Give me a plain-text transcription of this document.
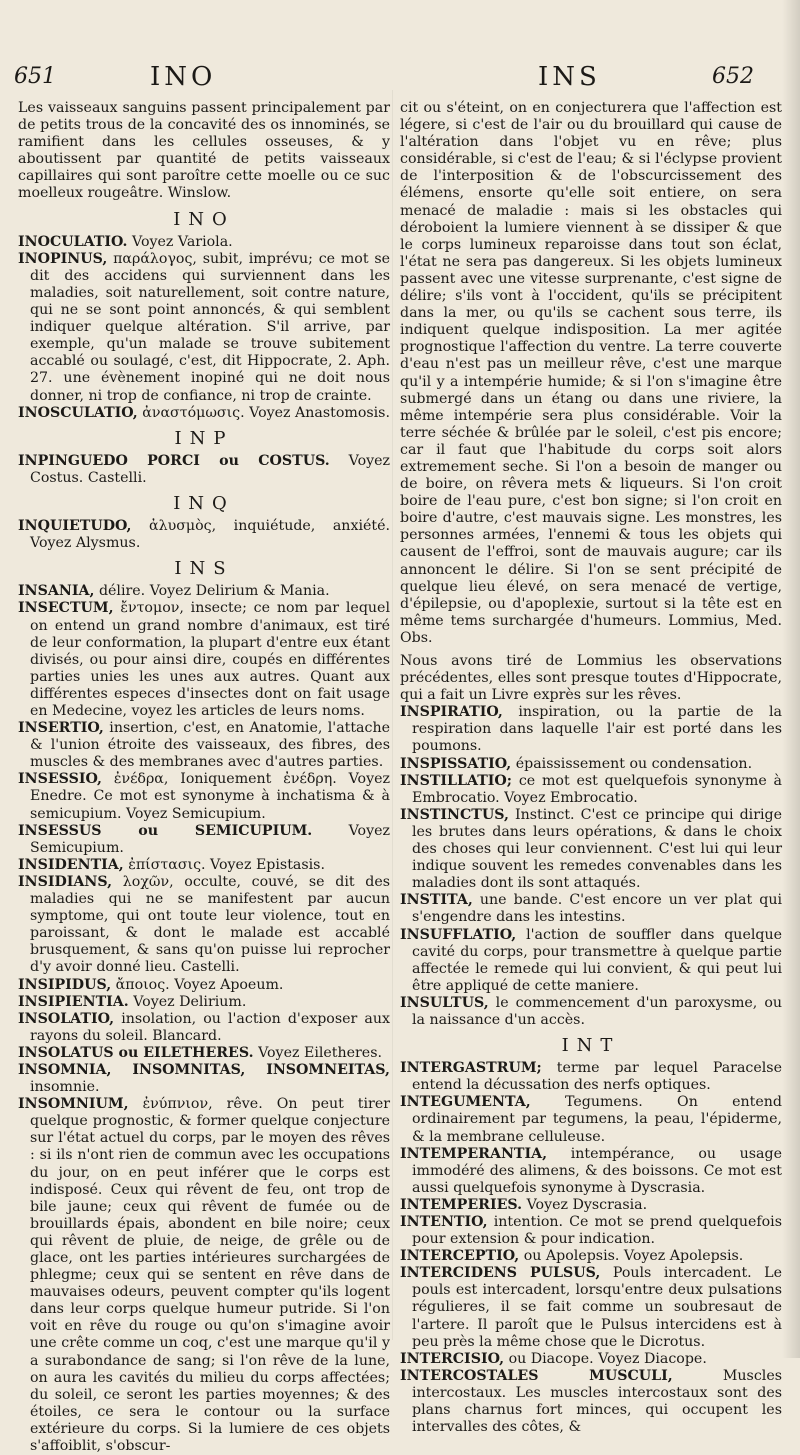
651	INO	INS	652

Les vaisseaux sanguins passent principalement par de petits trous de la concavité des os innominés, se ramifient dans les cellules osseuses, & y aboutissent par quantité de petits vaisseaux capillaires qui sont paroître cette moelle ou ce suc moelleux rougeâtre. Winslow.

INO

INOCULATIO. Voyez Variola.

INOPINUS, παράλογος, subit, imprévu; ce mot se dit des accidens qui surviennent dans les maladies, soit naturellement, soit contre nature, qui ne se sont point annoncés, & qui semblent indiquer quelque altération. S'il arrive, par exemple, qu'un malade se trouve subitement accablé ou soulagé, c'est, dit Hippocrate, 2. Aph. 27. une évènement inopiné qui ne doit nous donner, ni trop de confiance, ni trop de crainte.

INOSCULATIO, ἀναστόμωσις. Voyez Anastomosis.

INP

INPINGUEDO PORCI ou COSTUS. Voyez Costus. Castelli.

INQ

INQUIETUDO, ἀλυσμὸς, inquiétude, anxiété. Voyez Alysmus.

INS

INSANIA, délire. Voyez Delirium & Mania.

INSECTUM, ἔντομον, insecte; ce nom par lequel on entend un grand nombre d'animaux, est tiré de leur conformation, la plupart d'entre eux étant divisés, ou pour ainsi dire, coupés en différentes parties unies les unes aux autres. Quant aux différentes especes d'insectes dont on fait usage en Medecine, voyez les articles de leurs noms.

INSERTIO, insertion, c'est, en Anatomie, l'attache & l'union étroite des vaisseaux, des fibres, des muscles & des membranes avec d'autres parties.

INSESSIO, ἐνέδρα, Ioniquement ἐνέδρη. Voyez Enedre. Ce mot est synonyme à inchatisma & à semicupium. Voyez Semicupium.

INSESSUS ou SEMICUPIUM.	Voyez Semicupium.

INSIDENTIA, ἐπίστασις. Voyez Epistasis.

INSIDIANS, λοχῶν, occulte, couvé, se dit des maladies qui ne se manifestent par aucun symptome, qui ont toute leur violence, tout en paroissant, & dont le malade est accablé brusquement, & sans qu'on puisse lui reprocher d'y avoir donné lieu. Castelli.

INSIPIDUS, ἄποιος. Voyez Apoeum.

INSIPIENTIA. Voyez Delirium.

INSOLATIO, insolation, ou l'action d'exposer aux rayons du soleil. Blancard.

INSOLATUS ou EILETHERES. Voyez Eiletheres.

INSOMNIA, INSOMNITAS, INSOMNEITAS, insomnie.

INSOMNIUM, ἐνύπνιον, rêve. On peut tirer quelque prognostic, & former quelque conjecture sur l'état actuel du corps, par le moyen des rêves : si ils n'ont rien de commun avec les occupations du jour, on en peut inférer que le corps est indisposé. Ceux qui rêvent de feu, ont trop de bile jaune; ceux qui rêvent de fumée ou de brouillards épais, abondent en bile noire; ceux qui rêvent de pluie, de neige, de grêle ou de glace, ont les parties intérieures surchargées de phlegme; ceux qui se sentent en rêve dans de mauvaises odeurs, peuvent compter qu'ils logent dans leur corps quelque humeur putride. Si l'on voit en rêve du rouge ou qu'on s'imagine avoir une crête comme un coq, c'est une marque qu'il y a surabondance de sang; si l'on rêve de la lune, on aura les cavités du milieu du corps affectées; du soleil, ce seront les parties moyennes; & des étoiles, ce sera le contour ou la surface extérieure du corps. Si la lumiere de ces objets s'affoiblit, s'obscur-

cit ou s'éteint, on en conjecturera que l'affection est légere, si c'est de l'air ou du brouillard qui cause de l'altération dans l'objet vu en rêve; plus considérable, si c'est de l'eau; & si l'éclypse provient de l'interposition & de l'obscurcissement des élémens, ensorte qu'elle soit entiere, on sera menacé de maladie : mais si les obstacles qui déroboient la lumiere viennent à se dissiper & que le corps lumineux reparoisse dans tout son éclat, l'état ne sera pas dangereux. Si les objets lumineux passent avec une vitesse surprenante, c'est signe de délire; s'ils vont à l'occident, qu'ils se précipitent dans la mer, ou qu'ils se cachent sous terre, ils indiquent quelque indisposition. La mer agitée prognostique l'affection du ventre. La terre couverte d'eau n'est pas un meilleur rêve, c'est une marque qu'il y a intempérie humide; & si l'on s'imagine être submergé dans un étang ou dans une riviere, la même intempérie sera plus considérable. Voir la terre séchée & brûlée par le soleil, c'est pis encore; car il faut que l'habitude du corps soit alors extremement seche. Si l'on a besoin de manger ou de boire, on rêvera mets & liqueurs. Si l'on croit boire de l'eau pure, c'est bon signe; si l'on croit en boire d'autre, c'est mauvais signe. Les monstres, les personnes armées, l'ennemi & tous les objets qui causent de l'effroi, sont de mauvais augure; car ils annoncent le délire. Si l'on se sent précipité de quelque lieu élevé, on sera menacé de vertige, d'épilepsie, ou d'apoplexie, surtout si la tête est en même tems surchargée d'humeurs. Lommius, Med. Obs.

Nous avons tiré de Lommius les observations précédentes, elles sont presque toutes d'Hippocrate, qui a fait un Livre exprès sur les rêves.

INSPIRATIO, inspiration, ou la partie de la respiration dans laquelle l'air est porté dans les poumons.

INSPISSATIO, épaississement ou condensation.

INSTILLATIO; ce mot est quelquefois synonyme à Embrocatio. Voyez Embrocatio.

INSTINCTUS, Instinct. C'est ce principe qui dirige les brutes dans leurs opérations, & dans le choix des choses qui leur conviennent. C'est lui qui leur indique souvent les remedes convenables dans les maladies dont ils sont attaqués.

INSTITA, une bande. C'est encore un ver plat qui s'engendre dans les intestins.

INSUFFLATIO, l'action de souffler dans quelque cavité du corps, pour transmettre à quelque partie affectée le remede qui lui convient, & qui peut lui être appliqué de cette maniere.

INSULTUS, le commencement d'un paroxysme, ou la naissance d'un accès.

INT

INTERGASTRUM; terme par lequel Paracelse entend la décussation des nerfs optiques.

INTEGUMENTA, Tegumens. On entend ordinairement par tegumens, la peau, l'épiderme, & la membrane celluleuse.

INTEMPERANTIA, intempérance, ou usage immodéré des alimens, & des boissons. Ce mot est aussi quelquefois synonyme à Dyscrasia.

INTEMPERIES. Voyez Dyscrasia.

INTENTIO, intention. Ce mot se prend quelquefois pour extension & pour indication.

INTERCEPTIO, ou Apolepsis. Voyez Apolepsis.

INTERCIDENS PULSUS, Pouls intercadent. Le pouls est intercadent, lorsqu'entre deux pulsations régulieres, il se fait comme un soubresaut de l'artere. Il paroît que le Pulsus intercidens est à peu près la même chose que le Dicrotus.

INTERCISIO, ou Diacope. Voyez Diacope.

INTERCOSTALES MUSCULI,	Muscles intercostaux. Les muscles intercostaux sont des plans charnus fort minces, qui occupent les intervalles des côtes, &
